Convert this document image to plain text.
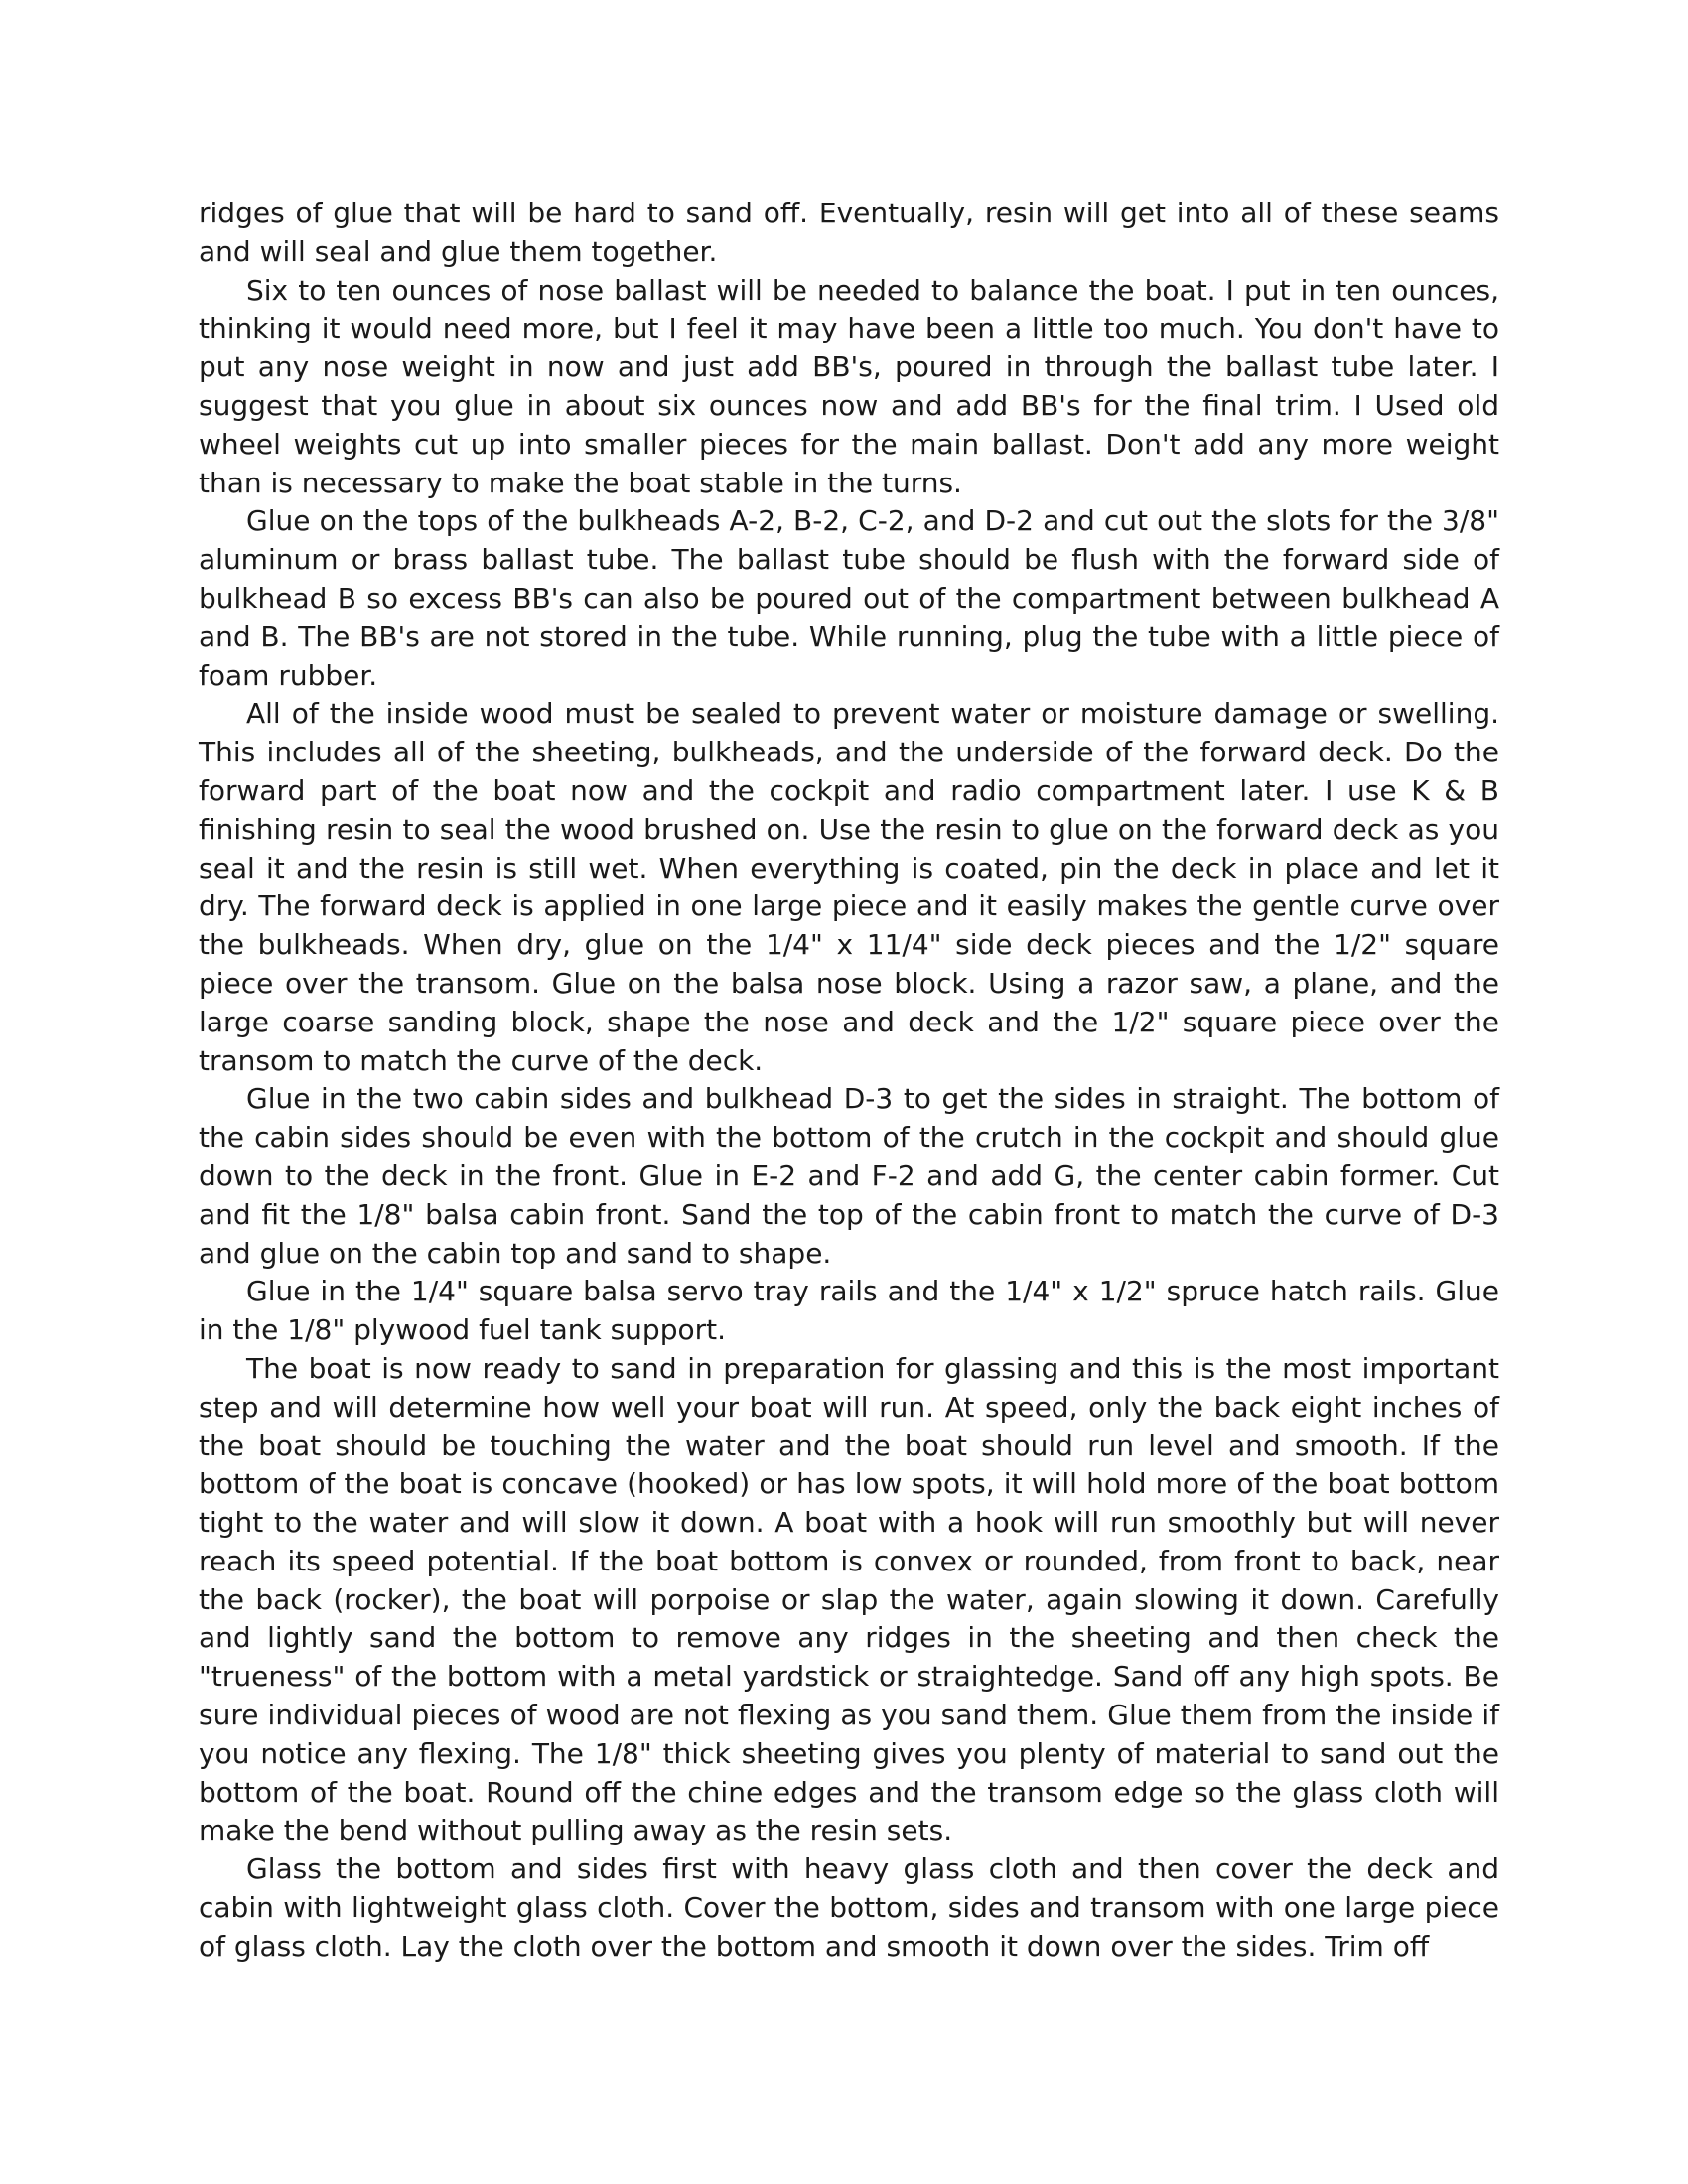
ridges of glue that will be hard to sand off. Eventually, resin will get into all of these seams and will seal and glue them together.

Six to ten ounces of nose ballast will be needed to balance the boat. I put in ten ounces, thinking it would need more, but I feel it may have been a little too much. You don't have to put any nose weight in now and just add BB's, poured in through the ballast tube later. I suggest that you glue in about six ounces now and add BB's for the final trim. I Used old wheel weights cut up into smaller pieces for the main ballast. Don't add any more weight than is necessary to make the boat stable in the turns.

Glue on the tops of the bulkheads A-2, B-2, C-2, and D-2 and cut out the slots for the 3/8" aluminum or brass ballast tube. The ballast tube should be flush with the forward side of bulkhead B so excess BB's can also be poured out of the compartment between bulkhead A and B. The BB's are not stored in the tube. While running, plug the tube with a little piece of foam rubber.

All of the inside wood must be sealed to prevent water or moisture damage or swelling. This includes all of the sheeting, bulkheads, and the underside of the forward deck. Do the forward part of the boat now and the cockpit and radio compartment later. I use K & B finishing resin to seal the wood brushed on. Use the resin to glue on the forward deck as you seal it and the resin is still wet. When everything is coated, pin the deck in place and let it dry. The forward deck is applied in one large piece and it easily makes the gentle curve over the bulkheads. When dry, glue on the 1/4" x 11/4" side deck pieces and the 1/2" square piece over the transom. Glue on the balsa nose block. Using a razor saw, a plane, and the large coarse sanding block, shape the nose and deck and the 1/2" square piece over the transom to match the curve of the deck.

Glue in the two cabin sides and bulkhead D-3 to get the sides in straight. The bottom of the cabin sides should be even with the bottom of the crutch in the cockpit and should glue down to the deck in the front. Glue in E-2 and F-2 and add G, the center cabin former. Cut and fit the 1/8" balsa cabin front. Sand the top of the cabin front to match the curve of D-3 and glue on the cabin top and sand to shape.

Glue in the 1/4" square balsa servo tray rails and the 1/4" x 1/2" spruce hatch rails. Glue in the 1/8" plywood fuel tank support.

The boat is now ready to sand in preparation for glassing and this is the most important step and will determine how well your boat will run. At speed, only the back eight inches of the boat should be touching the water and the boat should run level and smooth. If the bottom of the boat is concave (hooked) or has low spots, it will hold more of the boat bottom tight to the water and will slow it down. A boat with a hook will run smoothly but will never reach its speed potential. If the boat bottom is convex or rounded, from front to back, near the back (rocker), the boat will porpoise or slap the water, again slowing it down. Carefully and lightly sand the bottom to remove any ridges in the sheeting and then check the "trueness" of the bottom with a metal yardstick or straightedge. Sand off any high spots. Be sure individual pieces of wood are not flexing as you sand them. Glue them from the inside if you notice any flexing. The 1/8" thick sheeting gives you plenty of material to sand out the bottom of the boat. Round off the chine edges and the transom edge so the glass cloth will make the bend without pulling away as the resin sets.

Glass the bottom and sides first with heavy glass cloth and then cover the deck and cabin with lightweight glass cloth. Cover the bottom, sides and transom with one large piece of glass cloth. Lay the cloth over the bottom and smooth it down over the sides. Trim off
